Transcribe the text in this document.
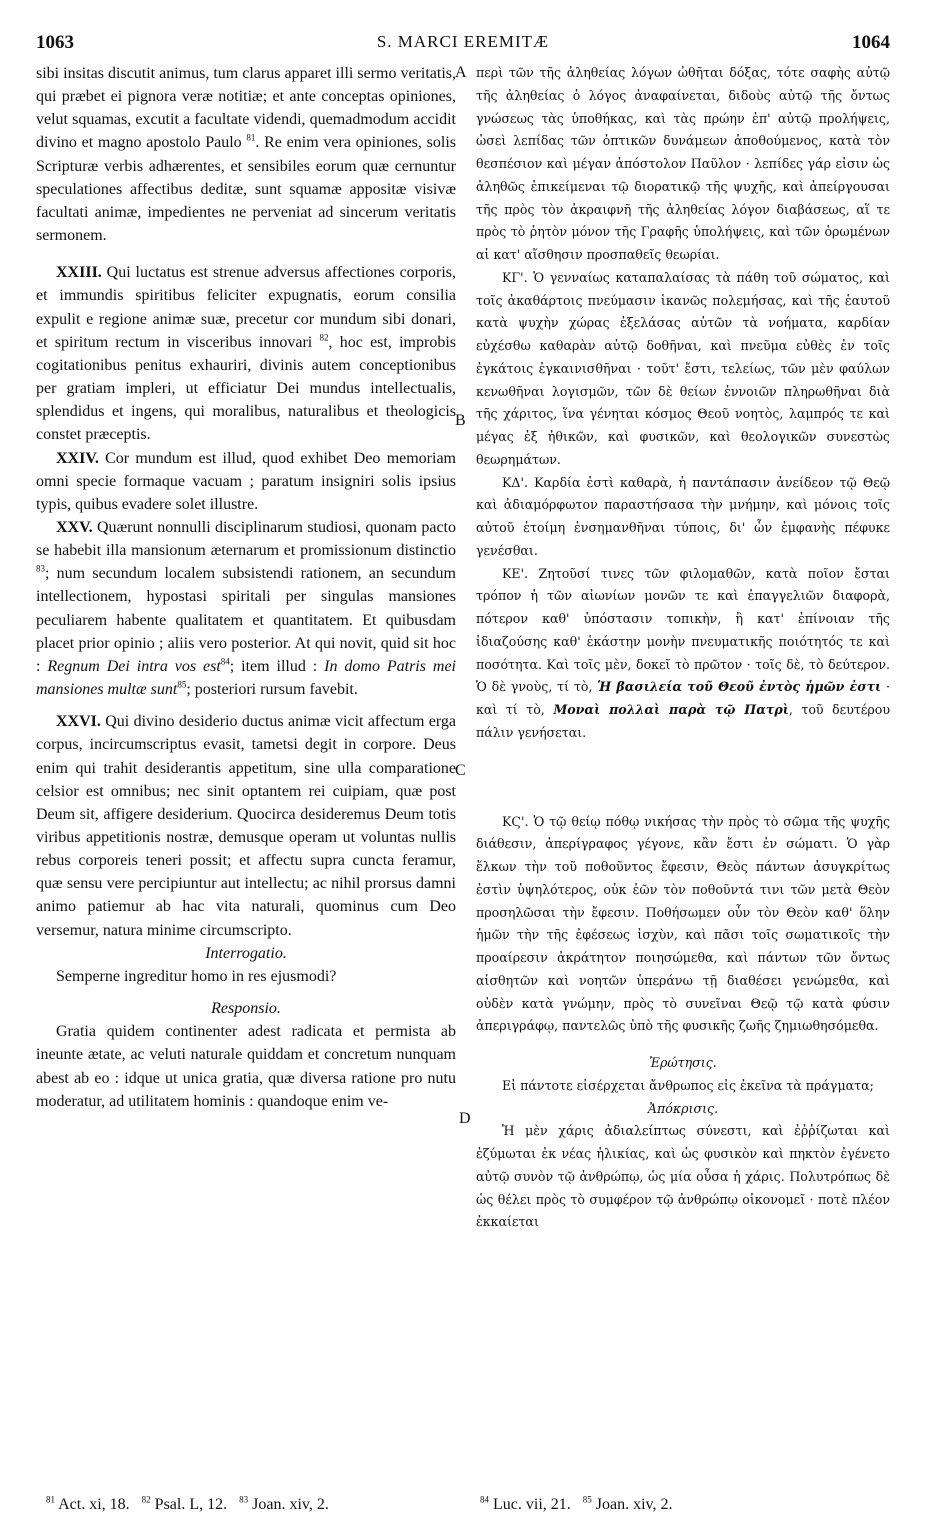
1063	S. MARCI EREMITÆ	1064
A
B
C
D

sibi insitas discutit animus, tum clarus apparet illi sermo veritatis, qui præbet ei pignora veræ notitiæ; et ante conceptas opiniones, velut squamas, excutit a facultate videndi, quemadmodum accidit divino et magno apostolo Paulo $^{81}$. Re enim vera opiniones, solis Scripturæ verbis adhærentes, et sensibiles eorum quæ cernuntur speculationes affectibus deditæ, sunt squamæ appositæ visivæ facultati animæ, impedientes ne perveniat ad sincerum veritatis sermonem.

XXIII. Qui luctatus est strenue adversus affectiones corporis, et immundis spiritibus feliciter expugnatis, eorum consilia expulit e regione animæ suæ, precetur cor mundum sibi donari, et spiritum rectum in visceribus innovari $^{82}$, hoc est, improbis cogitationibus penitus exhauriri, divinis autem conceptionibus per gratiam impleri, ut efficiatur Dei mundus intellectualis, splendidus et ingens, qui moralibus, naturalibus et theologicis constet præceptis.

XXIV. Cor mundum est illud, quod exhibet Deo memoriam omni specie formaque vacuam ; paratum insigniri solis ipsius typis, quibus evadere solet illustre.

XXV. Quærunt nonnulli disciplinarum studiosi, quonam pacto se habebit illa mansionum æternarum et promissionum distinctio $^{83}$; num secundum localem subsistendi rationem, an secundum intellectionem, hypostasi spiritali per singulas mansiones peculiarem habente qualitatem et quantitatem. Et quibusdam placet prior opinio ; aliis vero posterior. At qui novit, quid sit hoc : Regnum Dei intra vos est$^{84}$; item illud : In domo Patris mei mansiones multæ sunt$^{85}$; posteriori rursum favebit.

XXVI. Qui divino desiderio ductus animæ vicit affectum erga corpus, incircumscriptus evasit, tametsi degit in corpore. Deus enim qui trahit desiderantis appetitum, sine ulla comparatione celsior est omnibus; nec sinit optantem rei cuipiam, quæ post Deum sit, affigere desiderium. Quocirca desideremus Deum totis viribus appetitionis nostræ, demusque operam ut voluntas nullis rebus corporeis teneri possit; et affectu supra cuncta feramur, quæ sensu vere percipiuntur aut intellectu; ac nihil prorsus damni animo patiemur ab hac vita naturali, quominus cum Deo versemur, natura minime circumscripto.

Interrogatio.

Semperne ingreditur homo in res ejusmodi?

Responsio.

Gratia quidem continenter adest radicata et permista ab ineunte ætate, ac veluti naturale quiddam et concretum nunquam abest ab eo : idque ut unica gratia, quæ diversa ratione pro nutu moderatur, ad utilitatem hominis : quandoque enim ve-

περὶ τῶν τῆς ἀληθείας λόγων ὠθῆται δόξας, τότε σαφὴς αὐτῷ τῆς ἀληθείας ὁ λόγος ἀναφαίνεται, διδοὺς αὐτῷ τῆς ὄντως γνώσεως τὰς ὑποθήκας, καὶ τὰς πρώην ἐπ' αὐτῷ προλήψεις, ὡσεὶ λεπίδας τῶν ὀπτικῶν δυνάμεων ἀποθούμενος, κατὰ τὸν θεσπέσιον καὶ μέγαν ἀπόστολον Παῦλον · λεπίδες γάρ εἰσιν ὡς ἀληθῶς ἐπικείμεναι τῷ διορατικῷ τῆς ψυχῆς, καὶ ἀπείργουσαι τῆς πρὸς τὸν ἀκραιφνῆ τῆς ἀληθείας λόγον διαβάσεως, αἵ τε πρὸς τὸ ῥητὸν μόνον τῆς Γραφῆς ὑπολήψεις, καὶ τῶν ὁρωμένων αἱ κατ' αἴσθησιν προσπαθεῖς θεωρίαι.

ΚΓ'. Ὁ γενναίως καταπαλαίσας τὰ πάθη τοῦ σώματος, καὶ τοῖς ἀκαθάρτοις πνεύμασιν ἱκανῶς πολεμήσας, καὶ τῆς ἑαυτοῦ κατὰ ψυχὴν χώρας ἐξελάσας αὐτῶν τὰ νοήματα, καρδίαν εὐχέσθω καθαρὰν αὐτῷ δοθῆναι, καὶ πνεῦμα εὐθὲς ἐν τοῖς ἐγκάτοις ἐγκαινισθῆναι · τοῦτ' ἔστι, τελείως, τῶν μὲν φαύλων κενωθῆναι λογισμῶν, τῶν δὲ θείων ἐννοιῶν πληρωθῆναι διὰ τῆς χάριτος, ἵνα γένηται κόσμος Θεοῦ νοητὸς, λαμπρός τε καὶ μέγας ἐξ ἠθικῶν, καὶ φυσικῶν, καὶ θεολογικῶν συνεστὼς θεωρημάτων.

ΚΔ'. Καρδία ἐστὶ καθαρὰ, ἡ παντάπασιν ἀνείδεον τῷ Θεῷ καὶ ἀδιαμόρφωτον παραστήσασα τὴν μνήμην, καὶ μόνοις τοῖς αὐτοῦ ἑτοίμη ἐνσημανθῆναι τύποις, δι' ὧν ἐμφανὴς πέφυκε γενέσθαι.

ΚΕ'. Ζητοῦσί τινες τῶν φιλομαθῶν, κατὰ ποῖον ἔσται τρόπον ἡ τῶν αἰωνίων μονῶν τε καὶ ἐπαγγελιῶν διαφορὰ, πότερον καθ' ὑπόστασιν τοπικὴν, ἢ κατ' ἐπίνοιαν τῆς ἰδιαζούσης καθ' ἑκάστην μονὴν πνευματικῆς ποιότητός τε καὶ ποσότητα. Καὶ τοῖς μὲν, δοκεῖ τὸ πρῶτον · τοῖς δὲ, τὸ δεύτερον. Ὁ δὲ γνοὺς, τί τὸ, Ἡ βασιλεία τοῦ Θεοῦ ἐντὸς ἡμῶν ἐστι · καὶ τί τὸ, Μοναὶ πολλαὶ παρὰ τῷ Πατρὶ, τοῦ δευτέρου πάλιν γενήσεται.

ΚϚ'. Ὁ τῷ θείῳ πόθῳ νικήσας τὴν πρὸς τὸ σῶμα τῆς ψυχῆς διάθεσιν, ἀπερίγραφος γέγονε, κἂν ἔστι ἐν σώματι. Ὁ γὰρ ἕλκων τὴν τοῦ ποθοῦντος ἔφεσιν, Θεὸς πάντων ἀσυγκρίτως ἐστὶν ὑψηλότερος, οὐκ ἐῶν τὸν ποθοῦντά τινι τῶν μετὰ Θεὸν προσηλῶσαι τὴν ἔφεσιν. Ποθήσωμεν οὖν τὸν Θεὸν καθ' ὅλην ἡμῶν τὴν τῆς ἐφέσεως ἰσχὺν, καὶ πᾶσι τοῖς σωματικοῖς τὴν προαίρεσιν ἀκράτητον ποιησώμεθα, καὶ πάντων τῶν ὄντως αἰσθητῶν καὶ νοητῶν ὑπεράνω τῇ διαθέσει γενώμεθα, καὶ οὐδὲν κατὰ γνώμην, πρὸς τὸ συνεῖναι Θεῷ τῷ κατὰ φύσιν ἀπεριγράφῳ, παντελῶς ὑπὸ τῆς φυσικῆς ζωῆς ζημιωθησόμεθα.

Ἐρώτησις.

Εἰ πάντοτε εἰσέρχεται ἄνθρωπος εἰς ἐκεῖνα τὰ πράγματα;

Ἀπόκρισις.

Ἡ μὲν χάρις ἀδιαλείπτως σύνεστι, καὶ ἐῤῥίζωται καὶ ἐζύμωται ἐκ νέας ἡλικίας, καὶ ὡς φυσικὸν καὶ πηκτὸν ἐγένετο αὐτῷ συνὸν τῷ ἀνθρώπῳ, ὡς μία οὖσα ἡ χάρις. Πολυτρόπως δὲ ὡς θέλει πρὸς τὸ συμφέρον τῷ ἀνθρώπῳ οἰκονομεῖ · ποτὲ πλέον ἐκκαίεται

$^{81}$ Act. xi, 18. $^{82}$ Psal. L, 12. $^{83}$ Joan. xiv, 2.	$^{84}$ Luc. vii, 21. $^{85}$ Joan. xiv, 2.
